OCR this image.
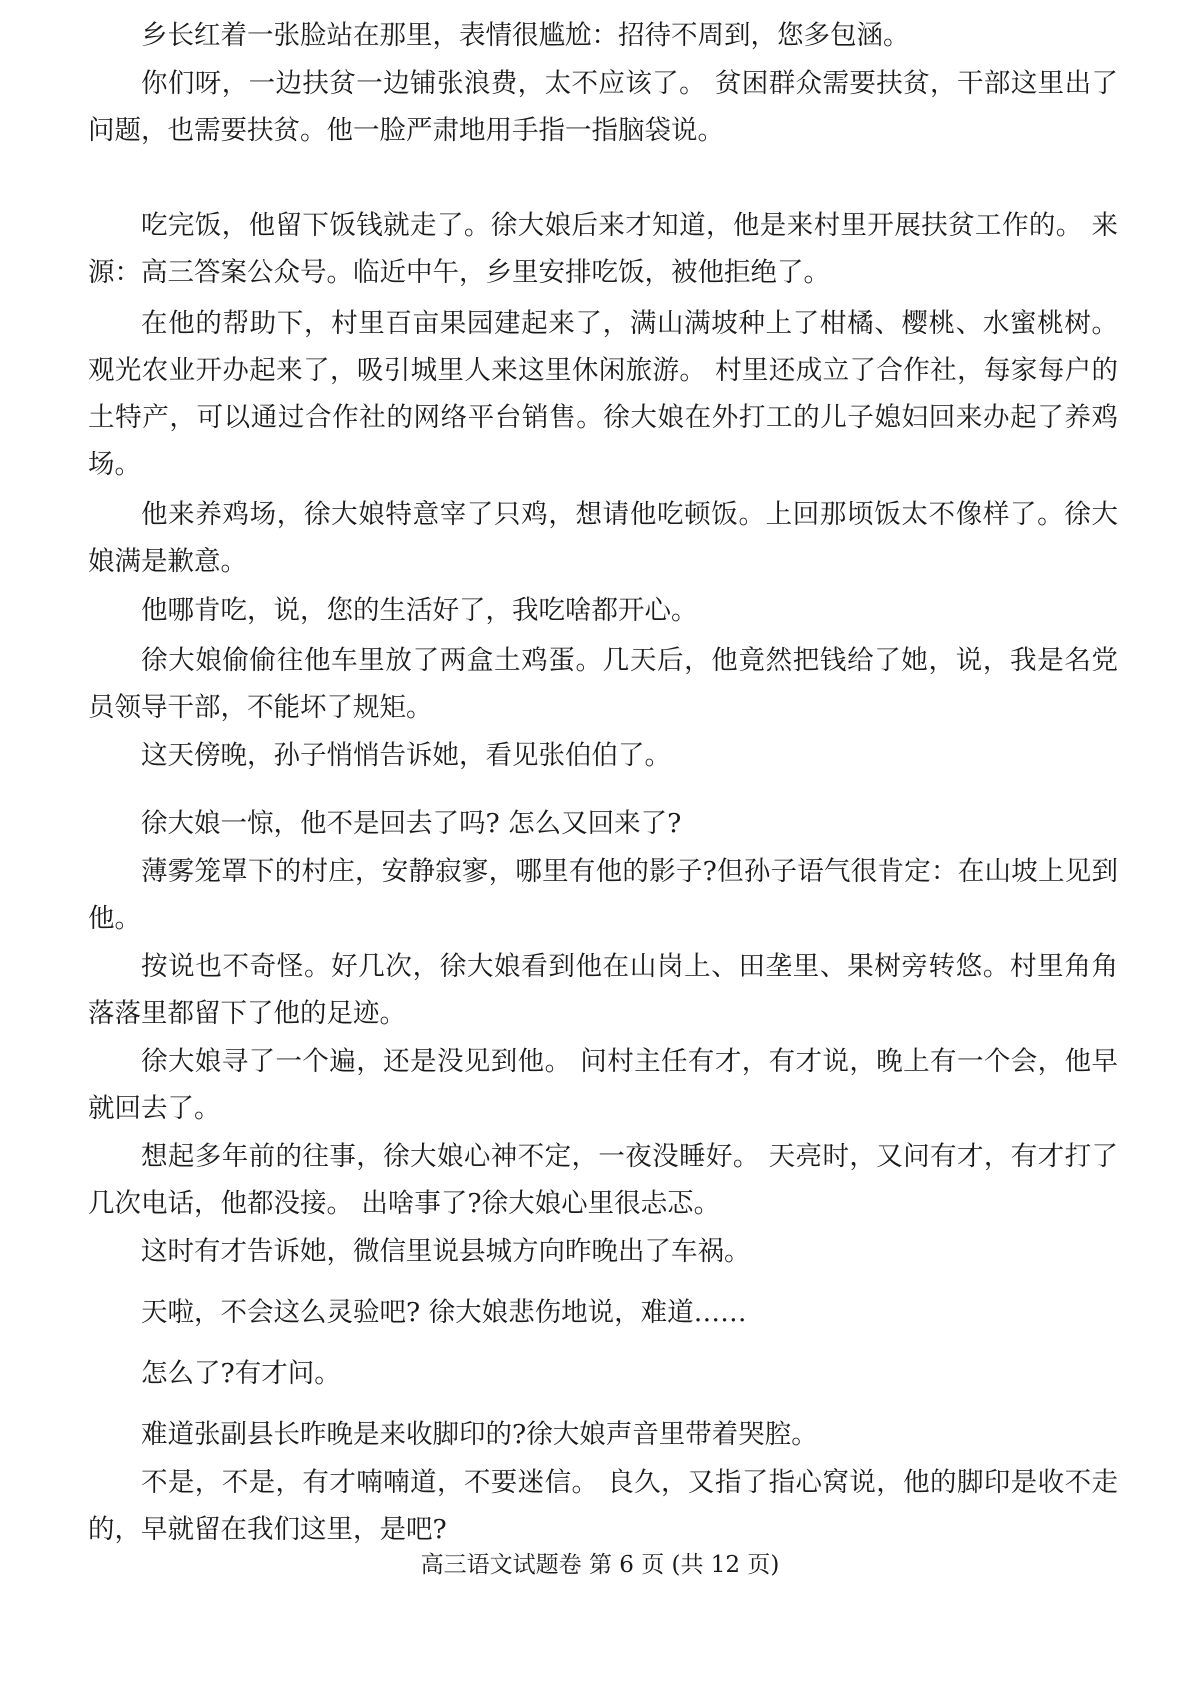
乡长红着一张脸站在那里，表情很尴尬：招待不周到，您多包涵。

你们呀，一边扶贫一边铺张浪费，太不应该了。 贫困群众需要扶贫，干部这里出了问题，也需要扶贫。他一脸严肃地用手指一指脑袋说。

吃完饭，他留下饭钱就走了。徐大娘后来才知道，他是来村里开展扶贫工作的。 来源：高三答案公众号。临近中午，乡里安排吃饭，被他拒绝了。

在他的帮助下，村里百亩果园建起来了，满山满坡种上了柑橘、樱桃、水蜜桃树。 观光农业开办起来了，吸引城里人来这里休闲旅游。 村里还成立了合作社，每家每户的土特产，可以通过合作社的网络平台销售。徐大娘在外打工的儿子媳妇回来办起了养鸡场。

他来养鸡场，徐大娘特意宰了只鸡，想请他吃顿饭。上回那顷饭太不像样了。徐大娘满是歉意。

他哪肯吃，说，您的生活好了，我吃啥都开心。

徐大娘偷偷往他车里放了两盒土鸡蛋。几天后，他竟然把钱给了她，说，我是名党员领导干部，不能坏了规矩。

这天傍晚，孙子悄悄告诉她，看见张伯伯了。

徐大娘一惊，他不是回去了吗? 怎么又回来了?

薄雾笼罩下的村庄，安静寂寥，哪里有他的影子?但孙子语气很肯定：在山坡上见到他。

按说也不奇怪。好几次，徐大娘看到他在山岗上、田垄里、果树旁转悠。村里角角落落里都留下了他的足迹。

徐大娘寻了一个遍，还是没见到他。 问村主任有才，有才说，晚上有一个会，他早就回去了。

想起多年前的往事，徐大娘心神不定，一夜没睡好。 天亮时，又问有才，有才打了几次电话，他都没接。 出啥事了?徐大娘心里很忐忑。

这时有才告诉她，微信里说县城方向昨晚出了车祸。

天啦，不会这么灵验吧? 徐大娘悲伤地说，难道……

怎么了?有才问。

难道张副县长昨晚是来收脚印的?徐大娘声音里带着哭腔。

不是，不是，有才喃喃道，不要迷信。 良久，又指了指心窝说，他的脚印是收不走的，早就留在我们这里，是吧?

高三语文试题卷 第 6 页 (共 12 页)
